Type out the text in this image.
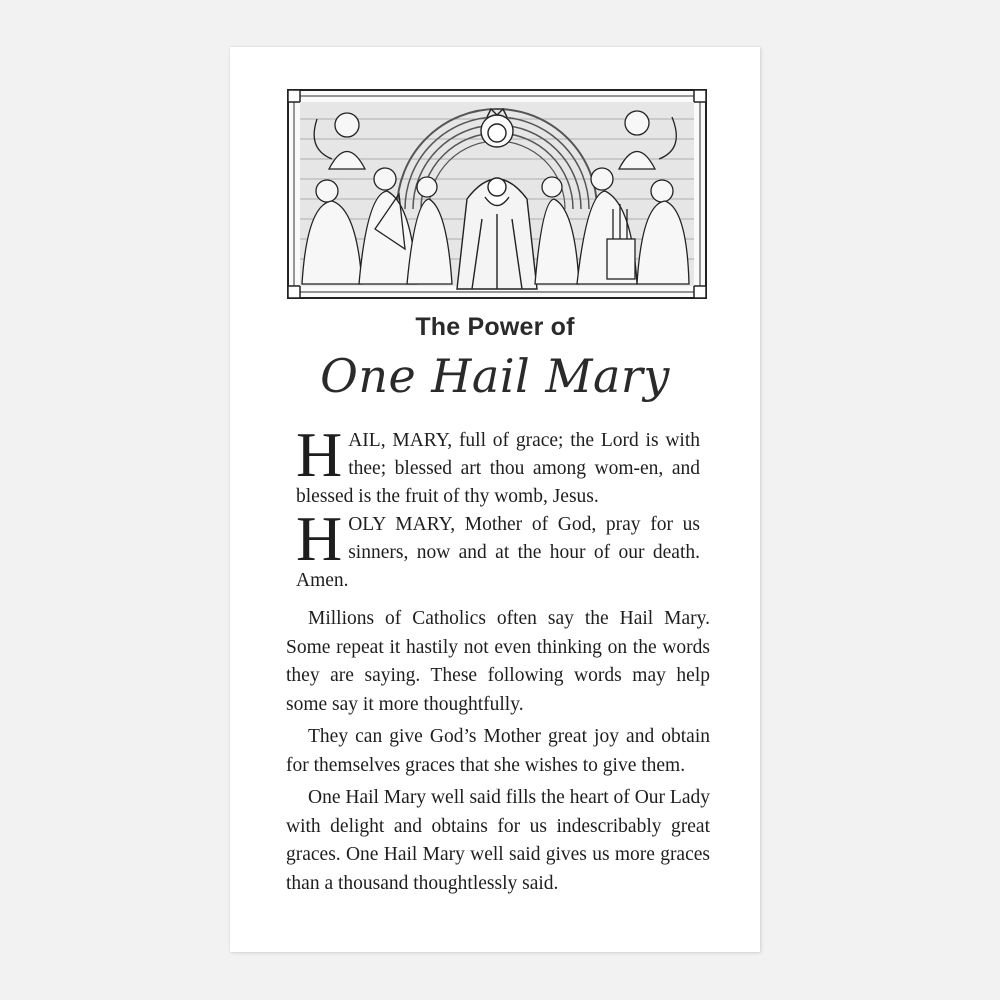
The Power of
One Hail Mary

HAIL, MARY, full of grace; the Lord is with thee; blessed art thou among wom-en, and blessed is the fruit of thy womb, Jesus.

HOLY MARY, Mother of God, pray for us sinners, now and at the hour of our death. Amen.

Millions of Catholics often say the Hail Mary. Some repeat it hastily not even thinking on the words they are saying. These following words may help some say it more thoughtfully.

They can give God’s Mother great joy and obtain for themselves graces that she wishes to give them.

One Hail Mary well said fills the heart of Our Lady with delight and obtains for us indescribably great graces. One Hail Mary well said gives us more graces than a thousand thoughtlessly said.
